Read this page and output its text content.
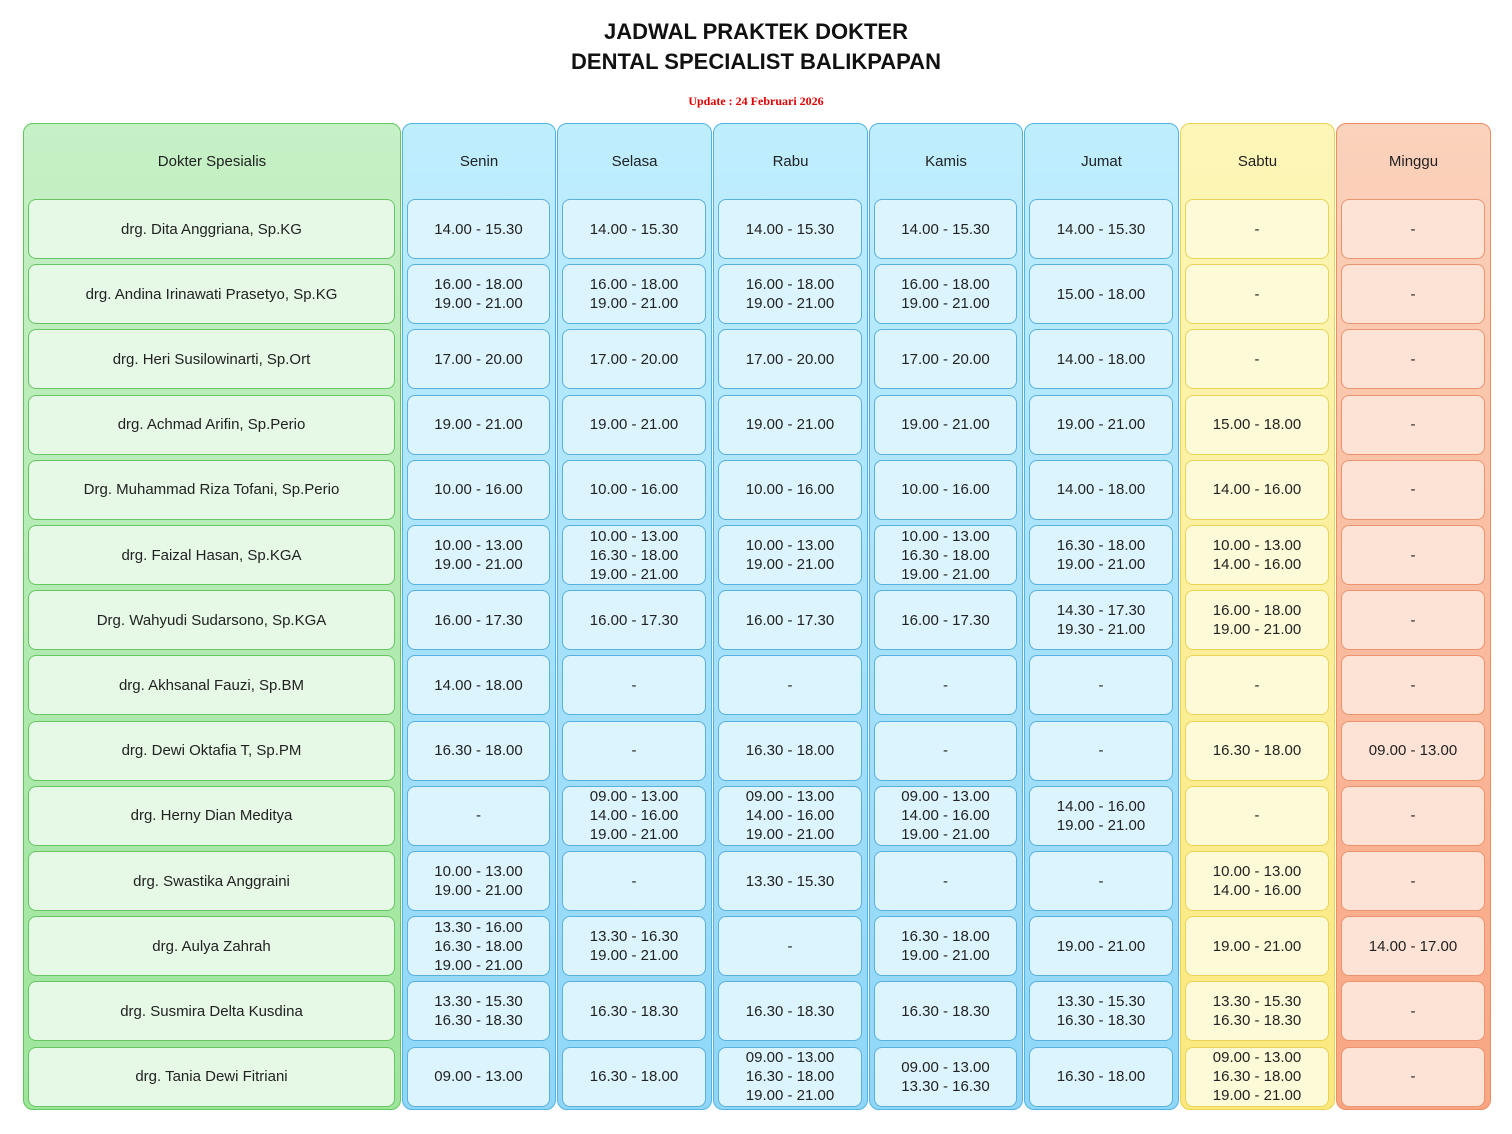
JADWAL PRAKTEK DOKTER
DENTAL SPECIALIST BALIKPAPAN
Update : 24 Februari 2026
Dokter Spesialis
drg. Dita Anggriana, Sp.KG
drg. Andina Irinawati Prasetyo, Sp.KG
drg. Heri Susilowinarti, Sp.Ort
drg. Achmad Arifin, Sp.Perio
Drg. Muhammad Riza Tofani, Sp.Perio
drg. Faizal Hasan, Sp.KGA
Drg. Wahyudi Sudarsono, Sp.KGA
drg. Akhsanal Fauzi, Sp.BM
drg. Dewi Oktafia T, Sp.PM
drg. Herny Dian Meditya
drg. Swastika Anggraini
drg. Aulya Zahrah
drg. Susmira Delta Kusdina
drg. Tania Dewi Fitriani
Senin
14.00 - 15.30
16.00 - 18.00
19.00 - 21.00
17.00 - 20.00
19.00 - 21.00
10.00 - 16.00
10.00 - 13.00
19.00 - 21.00
16.00 - 17.30
14.00 - 18.00
16.30 - 18.00
-
10.00 - 13.00
19.00 - 21.00
13.30 - 16.00
16.30 - 18.00
19.00 - 21.00
13.30 - 15.30
16.30 - 18.30
09.00 - 13.00
Selasa
14.00 - 15.30
16.00 - 18.00
19.00 - 21.00
17.00 - 20.00
19.00 - 21.00
10.00 - 16.00
10.00 - 13.00
16.30 - 18.00
19.00 - 21.00
16.00 - 17.30
-
-
09.00 - 13.00
14.00 - 16.00
19.00 - 21.00
-
13.30 - 16.30
19.00 - 21.00
16.30 - 18.30
16.30 - 18.00
Rabu
14.00 - 15.30
16.00 - 18.00
19.00 - 21.00
17.00 - 20.00
19.00 - 21.00
10.00 - 16.00
10.00 - 13.00
19.00 - 21.00
16.00 - 17.30
-
16.30 - 18.00
09.00 - 13.00
14.00 - 16.00
19.00 - 21.00
13.30 - 15.30
-
16.30 - 18.30
09.00 - 13.00
16.30 - 18.00
19.00 - 21.00
Kamis
14.00 - 15.30
16.00 - 18.00
19.00 - 21.00
17.00 - 20.00
19.00 - 21.00
10.00 - 16.00
10.00 - 13.00
16.30 - 18.00
19.00 - 21.00
16.00 - 17.30
-
-
09.00 - 13.00
14.00 - 16.00
19.00 - 21.00
-
16.30 - 18.00
19.00 - 21.00
16.30 - 18.30
09.00 - 13.00
13.30 - 16.30
Jumat
14.00 - 15.30
15.00 - 18.00
14.00 - 18.00
19.00 - 21.00
14.00 - 18.00
16.30 - 18.00
19.00 - 21.00
14.30 - 17.30
19.30 - 21.00
-
-
14.00 - 16.00
19.00 - 21.00
-
19.00 - 21.00
13.30 - 15.30
16.30 - 18.30
16.30 - 18.00
Sabtu
-
-
-
15.00 - 18.00
14.00 - 16.00
10.00 - 13.00
14.00 - 16.00
16.00 - 18.00
19.00 - 21.00
-
16.30 - 18.00
-
10.00 - 13.00
14.00 - 16.00
19.00 - 21.00
13.30 - 15.30
16.30 - 18.30
09.00 - 13.00
16.30 - 18.00
19.00 - 21.00
Minggu
-
-
-
-
-
-
-
-
09.00 - 13.00
-
-
14.00 - 17.00
-
-
